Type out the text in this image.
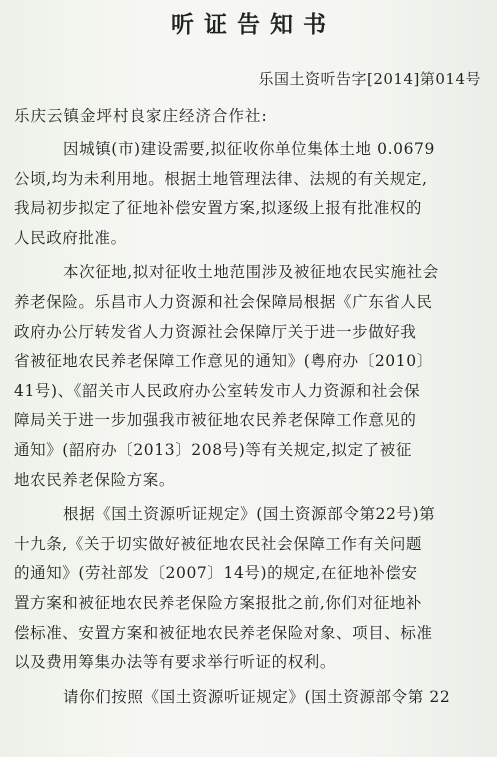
听证告知书
乐国土资听告字[2014]第014号
乐庆云镇金坪村良家庄经济合作社:
因城镇(市)建设需要,拟征收你单位集体土地 0.0679
公顷,均为未利用地。根据土地管理法律、法规的有关规定,
我局初步拟定了征地补偿安置方案,拟逐级上报有批准权的
人民政府批准。
本次征地,拟对征收土地范围涉及被征地农民实施社会
养老保险。乐昌市人力资源和社会保障局根据《广东省人民
政府办公厅转发省人力资源社会保障厅关于进一步做好我
省被征地农民养老保障工作意见的通知》(粤府办〔2010〕
41号)、《韶关市人民政府办公室转发市人力资源和社会保
障局关于进一步加强我市被征地农民养老保障工作意见的
通知》(韶府办〔2013〕208号)等有关规定,拟定了被征
地农民养老保险方案。
根据《国土资源听证规定》(国土资源部令第22号)第
十九条,《关于切实做好被征地农民社会保障工作有关问题
的通知》(劳社部发〔2007〕14号)的规定,在征地补偿安
置方案和被征地农民养老保险方案报批之前,你们对征地补
偿标准、安置方案和被征地农民养老保险对象、项目、标准
以及费用筹集办法等有要求举行听证的权利。
请你们按照《国土资源听证规定》(国土资源部令第 22
